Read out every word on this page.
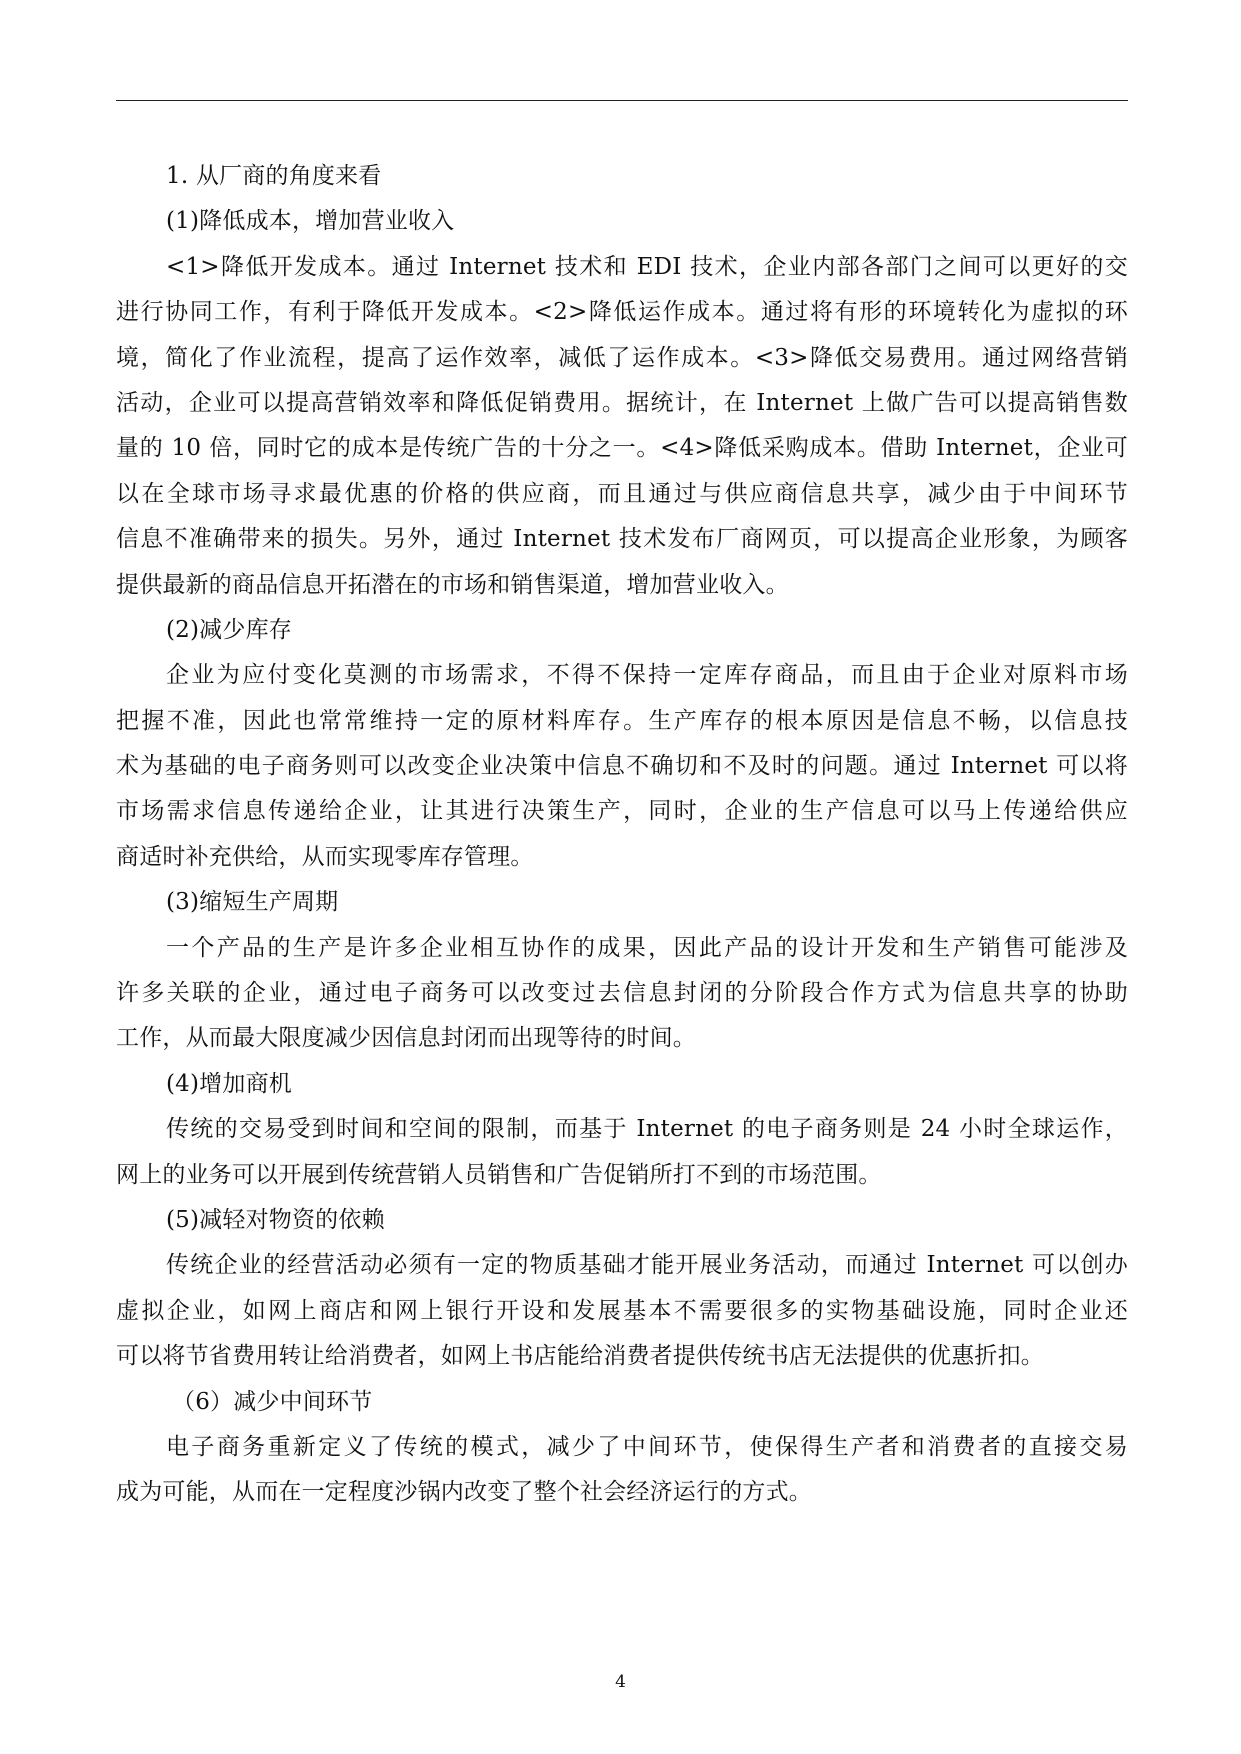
1. 从厂商的角度来看
(1)降低成本，增加营业收入
<1>降低开发成本。通过 Internet 技术和 EDI 技术，企业内部各部门之间可以更好的交
进行协同工作，有利于降低开发成本。<2>降低运作成本。通过将有形的环境转化为虚拟的环
境，简化了作业流程，提高了运作效率，减低了运作成本。<3>降低交易费用。通过网络营销
活动，企业可以提高营销效率和降低促销费用。据统计，在 Internet 上做广告可以提高销售数
量的 10 倍，同时它的成本是传统广告的十分之一。<4>降低采购成本。借助 Internet，企业可
以在全球市场寻求最优惠的价格的供应商，而且通过与供应商信息共享，减少由于中间环节
信息不准确带来的损失。另外，通过 Internet 技术发布厂商网页，可以提高企业形象，为顾客
提供最新的商品信息开拓潜在的市场和销售渠道，增加营业收入。
(2)减少库存
企业为应付变化莫测的市场需求，不得不保持一定库存商品，而且由于企业对原料市场
把握不准，因此也常常维持一定的原材料库存。生产库存的根本原因是信息不畅，以信息技
术为基础的电子商务则可以改变企业决策中信息不确切和不及时的问题。通过 Internet 可以将
市场需求信息传递给企业，让其进行决策生产，同时，企业的生产信息可以马上传递给供应
商适时补充供给，从而实现零库存管理。
(3)缩短生产周期
一个产品的生产是许多企业相互协作的成果，因此产品的设计开发和生产销售可能涉及
许多关联的企业，通过电子商务可以改变过去信息封闭的分阶段合作方式为信息共享的协助
工作，从而最大限度减少因信息封闭而出现等待的时间。
(4)增加商机
传统的交易受到时间和空间的限制，而基于 Internet 的电子商务则是 24 小时全球运作，
网上的业务可以开展到传统营销人员销售和广告促销所打不到的市场范围。
(5)减轻对物资的依赖
传统企业的经营活动必须有一定的物质基础才能开展业务活动，而通过 Internet 可以创办
虚拟企业，如网上商店和网上银行开设和发展基本不需要很多的实物基础设施，同时企业还
可以将节省费用转让给消费者，如网上书店能给消费者提供传统书店无法提供的优惠折扣。
（6）减少中间环节
电子商务重新定义了传统的模式，减少了中间环节，使保得生产者和消费者的直接交易
成为可能，从而在一定程度沙锅内改变了整个社会经济运行的方式。
4
